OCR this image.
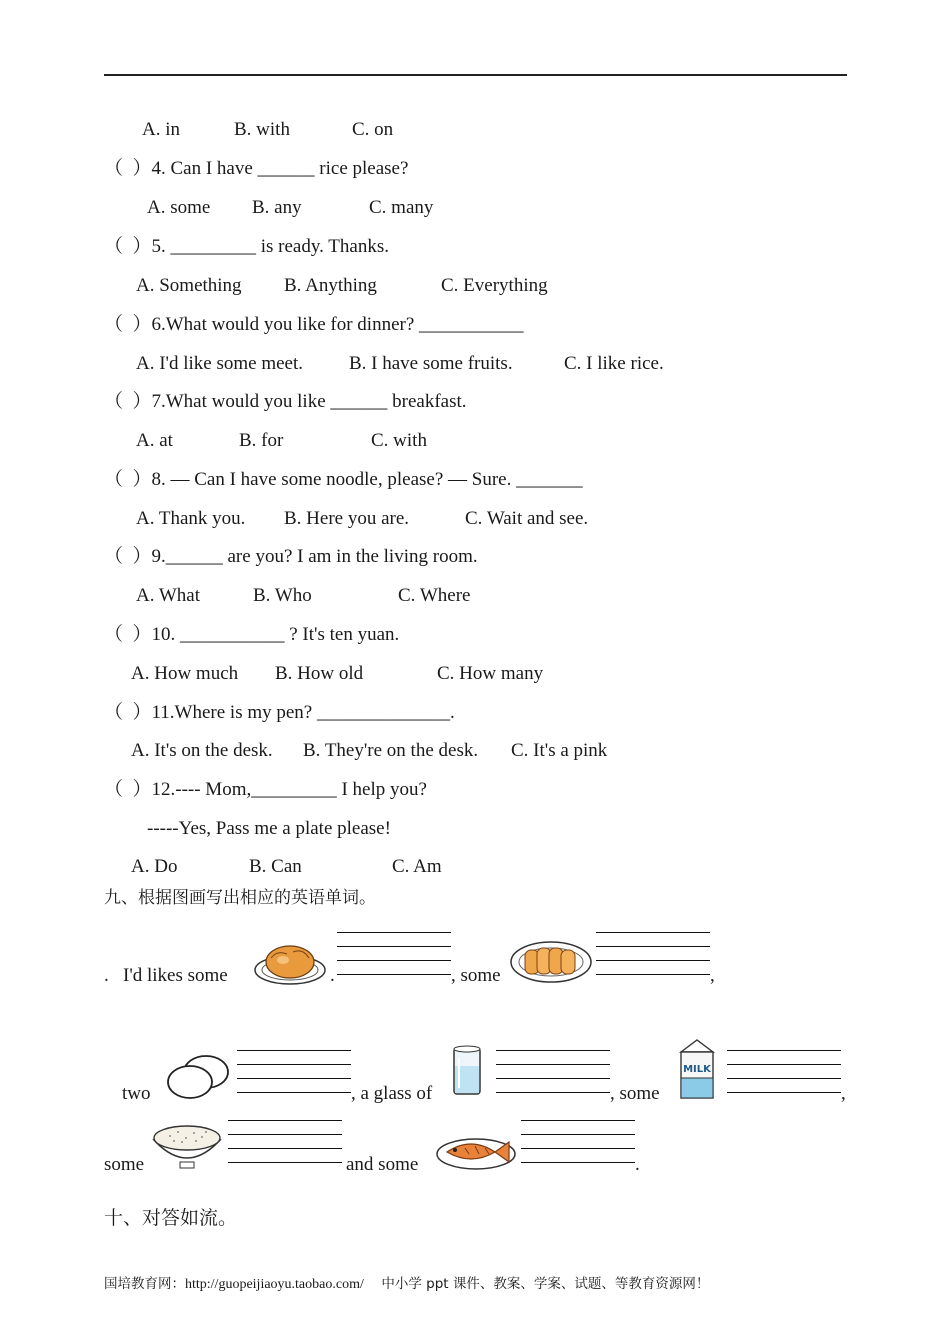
A. in	B. with	C. on
（  ）4. Can I have ______ rice please?
A. some B. any	C. many
（  ）5. _________ is ready. Thanks.
A. Something B. Anything	C. Everything
（  ）6.What would you like for dinner? ___________
A. I'd like some meet. B. I have some fruits.	C. I like rice.
（  ）7.What would you like ______ breakfast.
A. at	B. for	C. with
（  ）8. — Can I have some noodle, please? — Sure. _______
A. Thank you. B. Here you are.	C. Wait and see.
（  ）9.______ are you? I am in the living room.
A. What	B. Who	C. Where
（  ）10. ___________ ? It's ten yuan.
A. How much B. How old	C. How many
（  ）11.Where is my pen? ______________.
A. It's on the desk. B. They're on the desk. C. It's a pink
（  ）12.---- Mom,_________ I help you?
-----Yes, Pass me a plate please!
A. Do	B. Can	C. Am
九、根据图画写出相应的英语单词。
.   I'd likes some	.	, some	,
two	, a glass of	, some
MILK
,
some	and some	.
十、对答如流。
国培教育网：http://guopeijiaoyu.taobao.com/ 中小学 ppt 课件、教案、学案、试题、等教育资源网！
